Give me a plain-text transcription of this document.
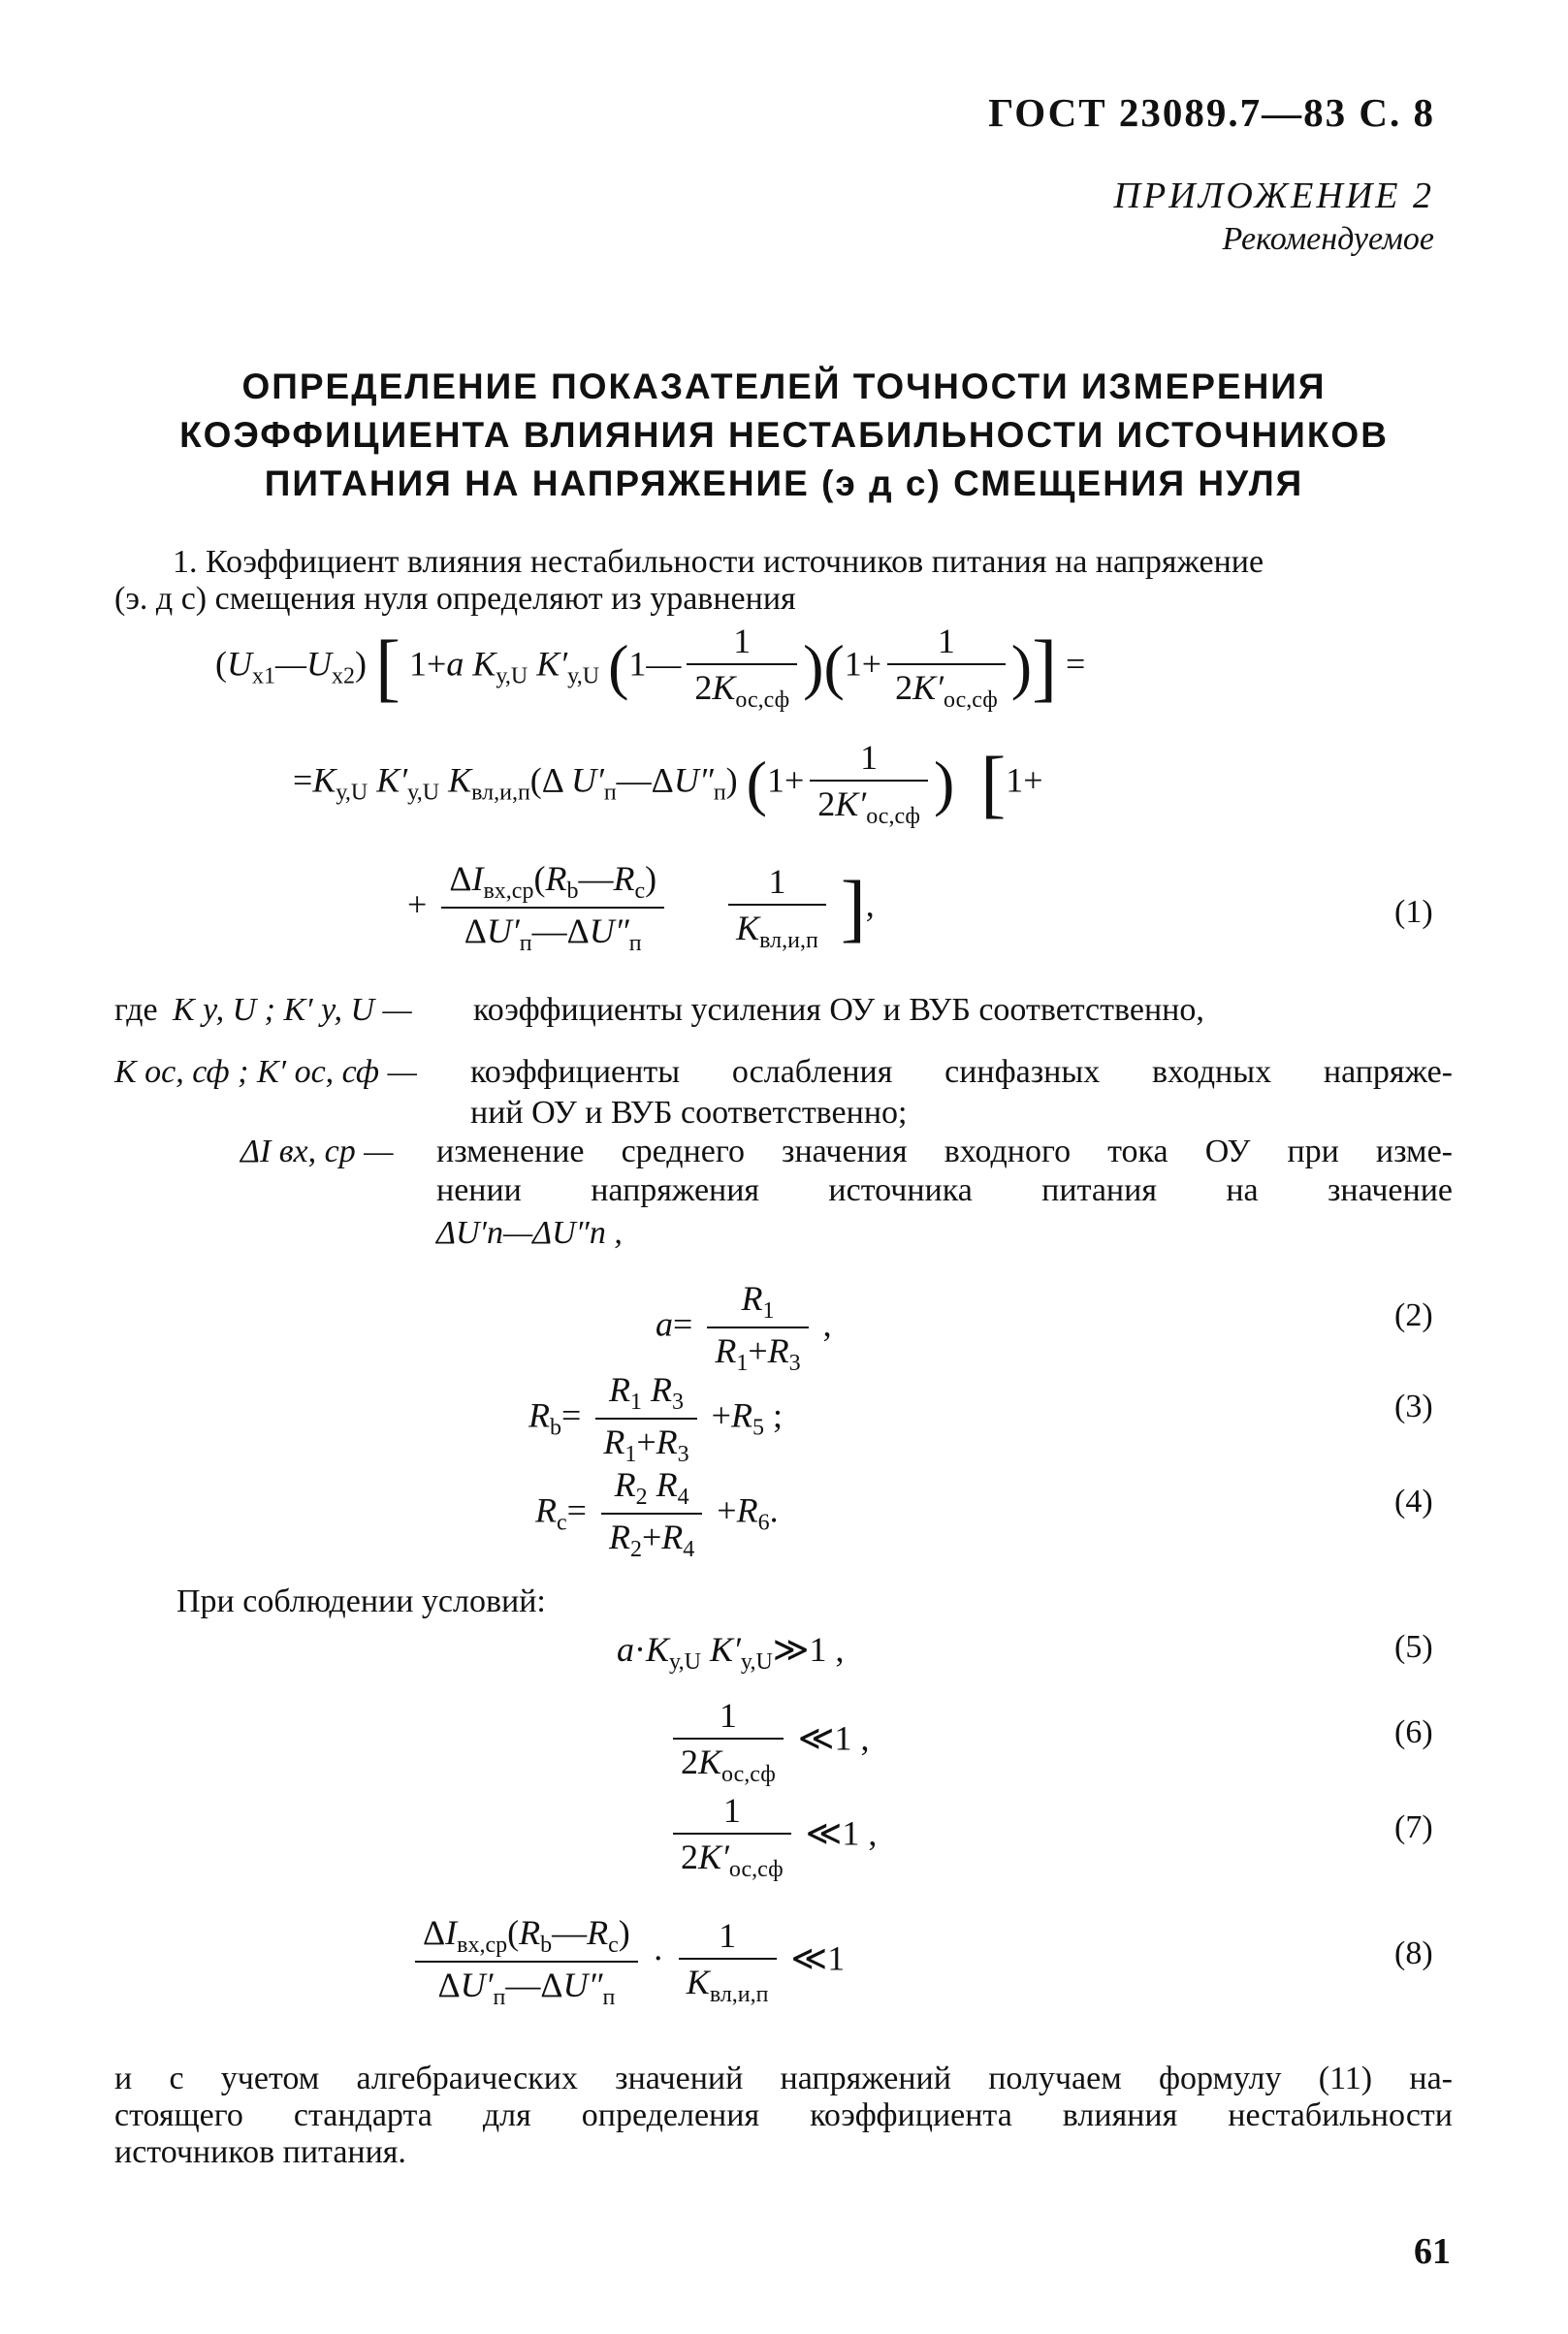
ГОСТ 23089.7—83 С. 8
ПРИЛОЖЕНИЕ 2
Рекомендуемое
ОПРЕДЕЛЕНИЕ ПОКАЗАТЕЛЕЙ ТОЧНОСТИ ИЗМЕРЕНИЯ
КОЭФФИЦИЕНТА ВЛИЯНИЯ НЕСТАБИЛЬНОСТИ ИСТОЧНИКОВ
ПИТАНИЯ НА НАПРЯЖЕНИЕ (э д с) СМЕЩЕНИЯ НУЛЯ
1. Коэффициент влияния нестабильности источников питания на напряжение
(э. д с) смещения нуля определяют из уравнения
$(U_{x1}—U_{x2})$ [ 1+a $K_{у,U}$ $K'_{у,U}$ (1— $\frac{1}{2K_{ос,сф}} )(1+ \frac{1}{2K'_{ос,сф}}$ )] =
$=K_{у,U}$ $K'_{у,U}$ $K_{вл,и,п}(\Delta$ $U'_п—\Delta U''_п$) ($1+ \frac{1}{2K'_{ос,сф}}$ ) [1+
+ $\frac{\Delta I_{вх,ср}(R_b—R_c)}{\Delta U'_п—\Delta U''_п}$
$\frac{1}{K_{вл,и,п}}$ ],	(1)
где K у, U ; K′ у, U — коэффициенты усиления ОУ и ВУБ соответственно,
K ос, сф ; K′ ос, сф — коэффициенты ослабления синфазных входных напряже-
ний ОУ и ВУБ соответственно;
ΔI вх, ср — изменение среднего значения входного тока ОУ при изме-
нении напряжения источника питания на значение
ΔU′п—ΔU″п ,
$a= \frac{R_1}{R_1+R_3}$ ,	(2)
$R_b= \frac{R_1 R_3}{R_1+R_3} +R_5$ ;	(3)
$R_c= \frac{R_2 R_4}{R_2+R_4} +R_6$.	(4)
При соблюдении условий:
$a\cdot K_{у,U}$ $K'_{у,U}≫1$ ,	(5)
$\frac{1}{2K_{ос,сф}}$ ≪1 ,	(6)
$\frac{1}{2K'_{ос,сф}}$ ≪1 ,	(7)
$\frac{\Delta I_{вх,ср}(R_b—R_c)}{\Delta U'_п—\Delta U''_п} \cdot \frac{1}{K_{вл,и,п}}$ ≪1	(8)
и с учетом алгебраических значений напряжений получаем формулу (11) на-
стоящего стандарта для определения коэффициента влияния нестабильности
источников питания.
61
